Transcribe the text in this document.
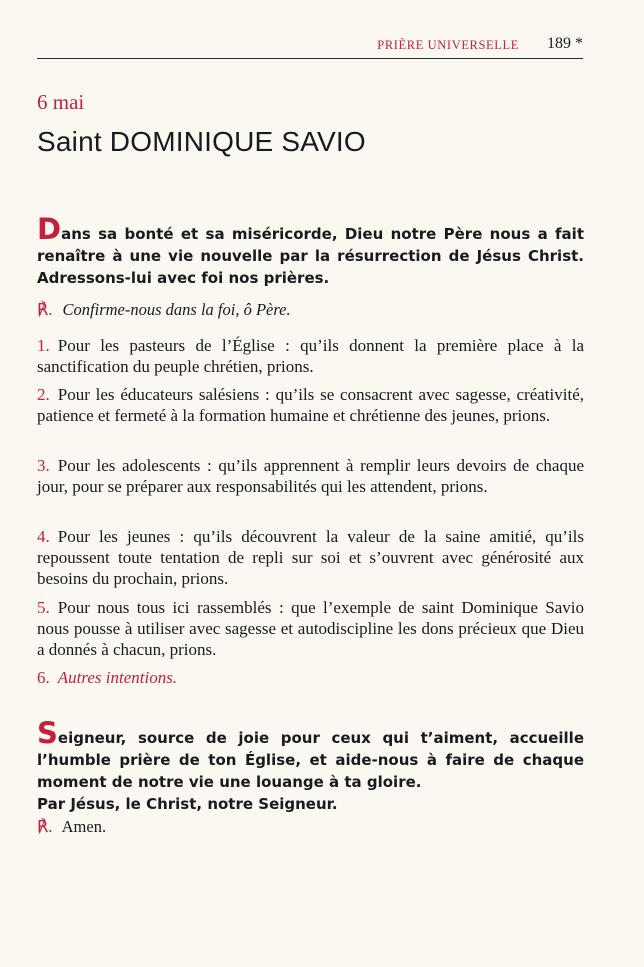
PRIÈRE UNIVERSELLE 189 *
6 mai
Saint DOMINIQUE SAVIO
Dans sa bonté et sa miséricorde, Dieu notre Père nous a fait renaître à une vie nouvelle par la résurrection de Jésus Christ. Adressons-lui avec foi nos prières.
℟. Confirme-nous dans la foi, ô Père.
1. Pour les pasteurs de l’Église : qu’ils donnent la première place à la sanctification du peuple chrétien, prions.
2. Pour les éducateurs salésiens : qu’ils se consacrent avec sagesse, créativité, patience et fermeté à la formation humaine et chrétienne des jeunes, prions.
3. Pour les adolescents : qu’ils apprennent à remplir leurs devoirs de chaque jour, pour se préparer aux responsabilités qui les attendent, prions.
4. Pour les jeunes : qu’ils découvrent la valeur de la saine amitié, qu’ils repoussent toute tentation de repli sur soi et s’ouvrent avec générosité aux besoins du prochain, prions.
5. Pour nous tous ici rassemblés : que l’exemple de saint Dominique Savio nous pousse à utiliser avec sagesse et autodiscipline les dons précieux que Dieu a donnés à chacun, prions.
6. Autres intentions.
Seigneur, source de joie pour ceux qui t’aiment, accueille l’humble prière de ton Église, et aide-nous à faire de chaque moment de notre vie une louange à ta gloire.
Par Jésus, le Christ, notre Seigneur.
℟. Amen.
